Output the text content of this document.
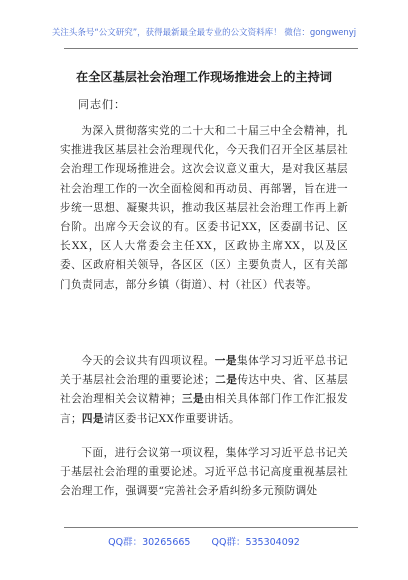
关注头条号“公文研究”，获得最新最全最专业的公文资料库！ 微信：gongwenyj
在全区基层社会治理工作现场推进会上的主持词
同志们：

为深入贯彻落实党的二十大和二十届三中全会精神，扎实推进我区基层社会治理现代化，今天我们召开全区基层社会治理工作现场推进会。这次会议意义重大，是对我区基层社会治理工作的一次全面检阅和再动员、再部署，旨在进一步统一思想、凝聚共识，推动我区基层社会治理工作再上新台阶。出席今天会议的有。区委书记XX，区委副书记、区长XX，区人大常委会主任XX，区政协主席XX，以及区委、区政府相关领导，各区区（区）主要负责人，区有关部门负责同志，部分乡镇（街道）、村（社区）代表等。

今天的会议共有四项议程。一是集体学习习近平总书记关于基层社会治理的重要论述；二是传达中央、省、区基层社会治理相关会议精神；三是由相关具体部门作工作汇报发言；四是请区委书记XX作重要讲话。

下面，进行会议第一项议程，集体学习习近平总书记关于基层社会治理的重要论述。习近平总书记高度重视基层社会治理工作，强调要“完善社会矛盾纠纷多元预防调处

QQ群：30265665 QQ群：535304092
